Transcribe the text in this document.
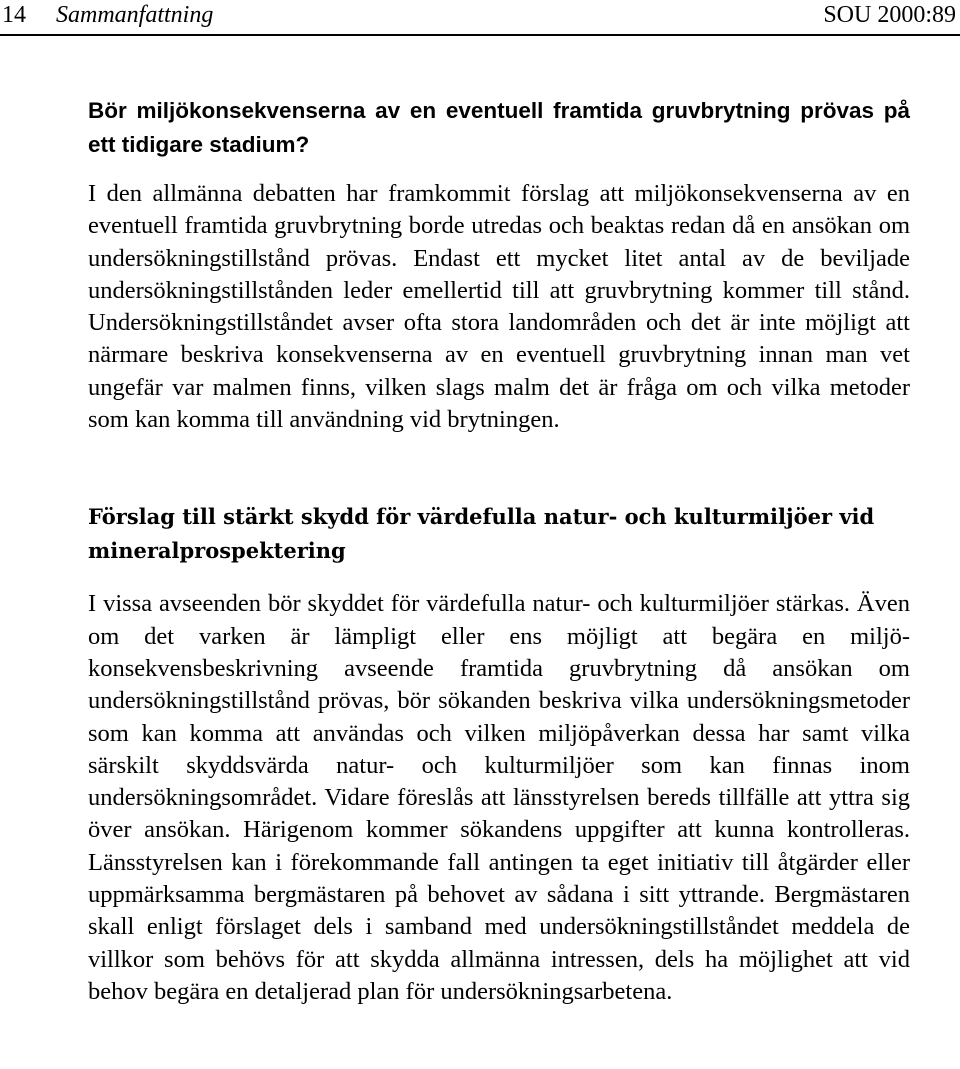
14 Sammanfattning	SOU 2000:89
Bör miljökonsekvenserna av en eventuell framtida gruvbrytning prövas på ett tidigare stadium?

I den allmänna debatten har framkommit förslag att miljökonsekvenserna av en eventuell framtida gruvbrytning borde utredas och beaktas redan då en ansökan om undersökningstillstånd prövas. Endast ett mycket litet antal av de beviljade undersökningstillstånden leder emellertid till att gruvbrytning kommer till stånd. Undersökningstillståndet avser ofta stora landområden och det är inte möjligt att närmare beskriva konsekvenserna av en eventuell gruvbrytning innan man vet ungefär var malmen finns, vilken slags malm det är fråga om och vilka metoder som kan komma till användning vid brytningen.

Förslag till stärkt skydd för värdefulla natur- och kulturmiljöer vid mineralprospektering

I vissa avseenden bör skyddet för värdefulla natur- och kulturmiljöer stärkas. Även om det varken är lämpligt eller ens möjligt att begära en miljökonsekvensbeskrivning avseende framtida gruvbrytning då ansökan om undersökningstillstånd prövas, bör sökanden beskriva vilka undersökningsmetoder som kan komma att användas och vilken miljöpåverkan dessa har samt vilka särskilt skyddsvärda natur- och kulturmiljöer som kan finnas inom undersökningsområdet. Vidare föreslås att länsstyrelsen bereds tillfälle att yttra sig över ansökan. Härigenom kommer sökandens uppgifter att kunna kontrolleras. Länsstyrelsen kan i förekommande fall antingen ta eget initiativ till åtgärder eller uppmärksamma bergmästaren på behovet av sådana i sitt yttrande. Bergmästaren skall enligt förslaget dels i samband med undersökningstillståndet meddela de villkor som behövs för att skydda allmänna intressen, dels ha möjlighet att vid behov begära en detaljerad plan för undersökningsarbetena.
